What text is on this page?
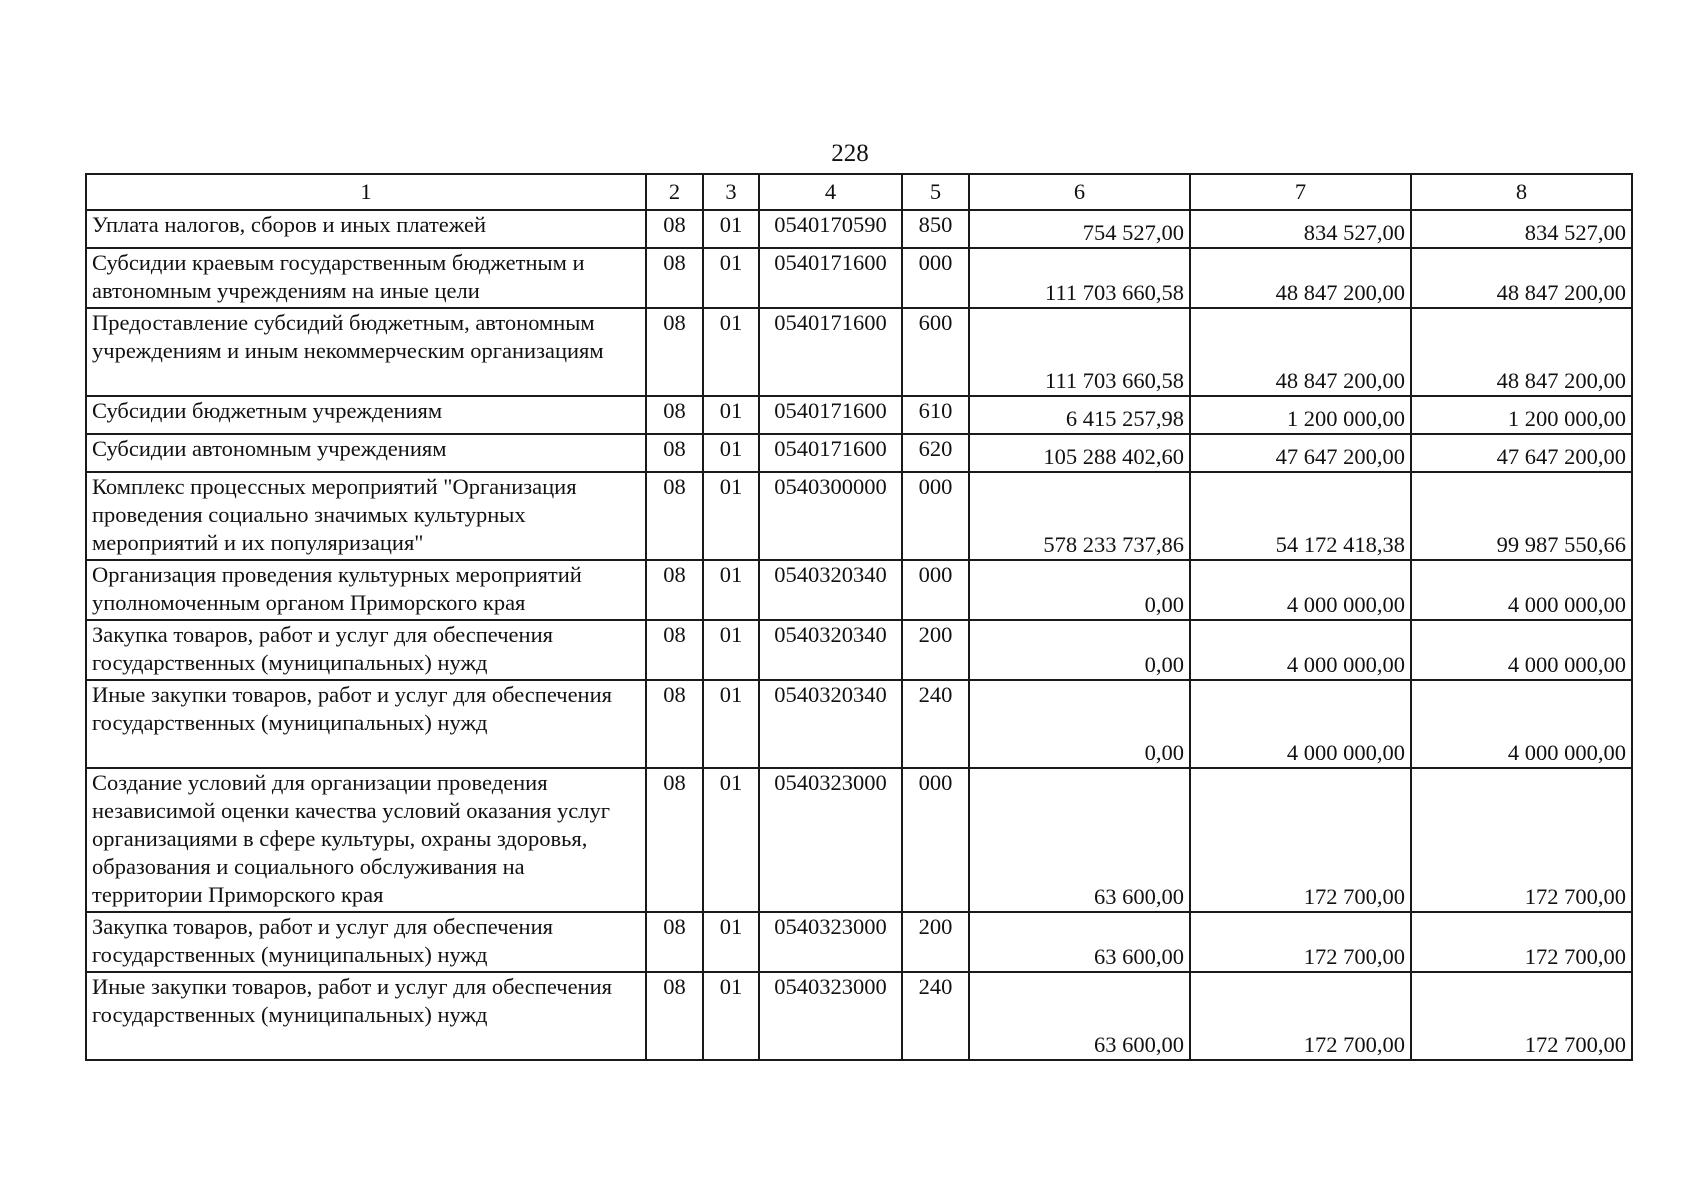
228
1	2	3	4	5	6	7	8
Уплата налогов, сборов и иных платежей	08	01	0540170590	850	754 527,00	834 527,00	834 527,00
Субсидии краевым государственным бюджетным и автономным учреждениям на иные цели	08	01	0540171600	000	111 703 660,58	48 847 200,00	48 847 200,00
Предоставление субсидий бюджетным, автономным учреждениям и иным некоммерческим организациям	08	01	0540171600	600	111 703 660,58	48 847 200,00	48 847 200,00
Субсидии бюджетным учреждениям	08	01	0540171600	610	6 415 257,98	1 200 000,00	1 200 000,00
Субсидии автономным учреждениям	08	01	0540171600	620	105 288 402,60	47 647 200,00	47 647 200,00
Комплекс процессных мероприятий "Организация проведения социально значимых культурных мероприятий и их популяризация"	08	01	0540300000	000	578 233 737,86	54 172 418,38	99 987 550,66
Организация проведения культурных мероприятий уполномоченным органом Приморского края	08	01	0540320340	000	0,00	4 000 000,00	4 000 000,00
Закупка товаров, работ и услуг для обеспечения государственных (муниципальных) нужд	08	01	0540320340	200	0,00	4 000 000,00	4 000 000,00
Иные закупки товаров, работ и услуг для обеспечения государственных (муниципальных) нужд	08	01	0540320340	240	0,00	4 000 000,00	4 000 000,00
Создание условий для организации проведения независимой оценки качества условий оказания услуг организациями в сфере культуры, охраны здоровья, образования и социального обслуживания на территории Приморского края	08	01	0540323000	000	63 600,00	172 700,00	172 700,00
Закупка товаров, работ и услуг для обеспечения государственных (муниципальных) нужд	08	01	0540323000	200	63 600,00	172 700,00	172 700,00
Иные закупки товаров, работ и услуг для обеспечения государственных (муниципальных) нужд	08	01	0540323000	240	63 600,00	172 700,00	172 700,00
